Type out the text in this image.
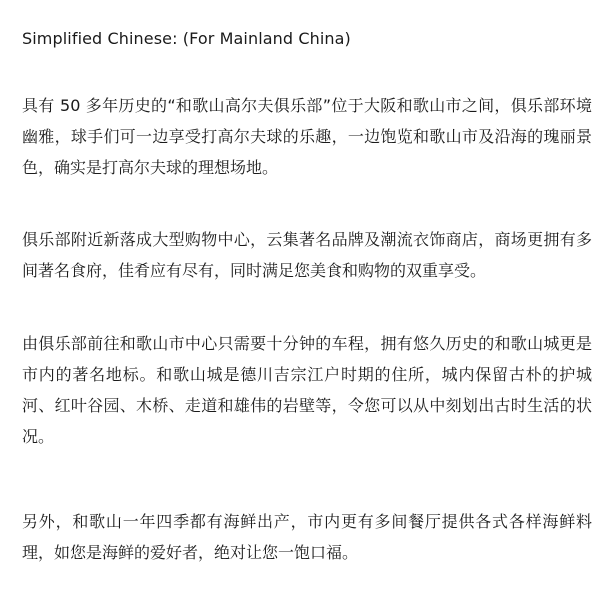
Simplified Chinese: (For Mainland China)

具有 50 多年历史的“和歌山高尔夫俱乐部”位于大阪和歌山市之间，俱乐部环境幽雅，球手们可一边享受打高尔夫球的乐趣，一边饱览和歌山市及沿海的瑰丽景色，确实是打高尔夫球的理想场地。

俱乐部附近新落成大型购物中心，云集著名品牌及潮流衣饰商店，商场更拥有多间著名食府，佳肴应有尽有，同时满足您美食和购物的双重享受。

由俱乐部前往和歌山市中心只需要十分钟的车程，拥有悠久历史的和歌山城更是市内的著名地标。和歌山城是德川吉宗江户时期的住所，城内保留古朴的护城河、红叶谷园、木桥、走道和雄伟的岩壁等，令您可以从中刻划出古时生活的状况。

另外，和歌山一年四季都有海鲜出产，市内更有多间餐厅提供各式各样海鲜料理，如您是海鲜的爱好者，绝对让您一饱口福。
